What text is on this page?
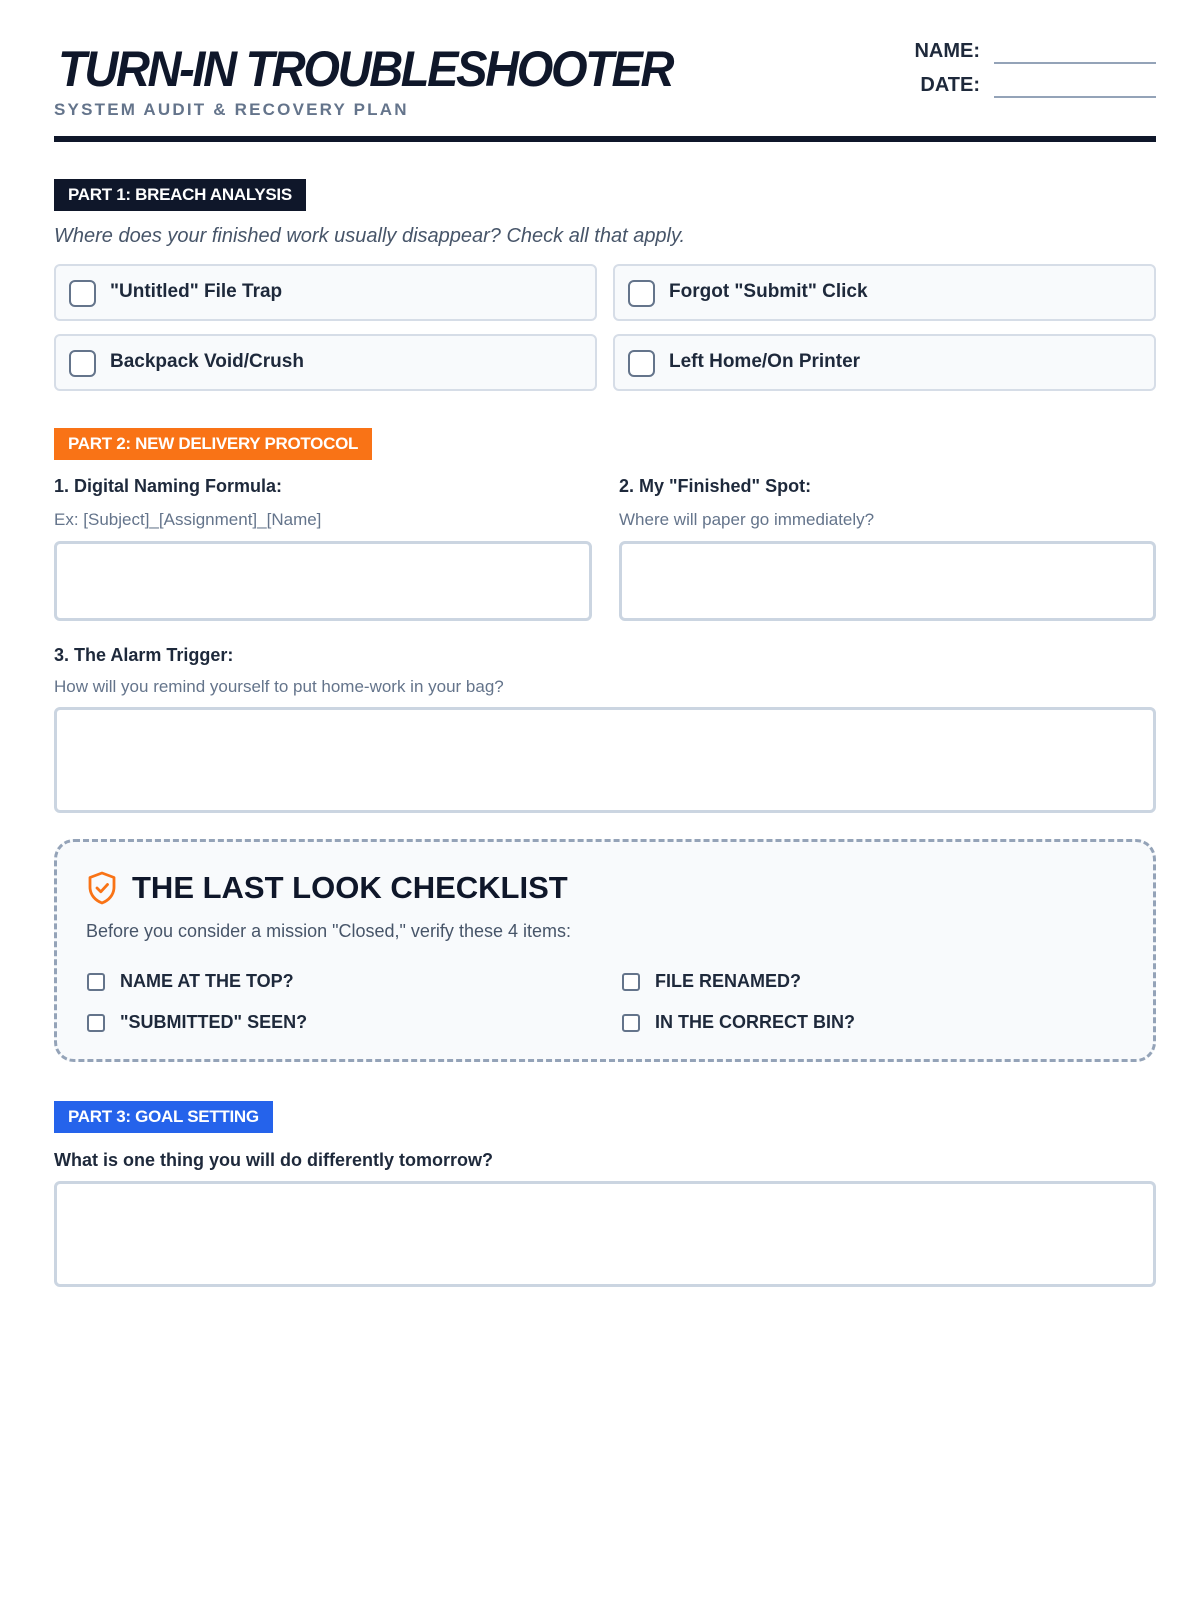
TURN-IN TROUBLESHOOTER
SYSTEM AUDIT & RECOVERY PLAN
NAME:
DATE:
PART 1: BREACH ANALYSIS
Where does your finished work usually disappear? Check all that apply.
"Untitled" File Trap	Forgot "Submit" Click
Backpack Void/Crush	Left Home/On Printer
PART 2: NEW DELIVERY PROTOCOL
1. Digital Naming Formula:
Ex: [Subject]_[Assignment]_[Name]
2. My "Finished" Spot:
Where will paper go immediately?
3. The Alarm Trigger:
How will you remind yourself to put home-work in your bag?
THE LAST LOOK CHECKLIST
Before you consider a mission "Closed," verify these 4 items:
NAME AT THE TOP?	FILE RENAMED?
"SUBMITTED" SEEN?	IN THE CORRECT BIN?
PART 3: GOAL SETTING
What is one thing you will do differently tomorrow?
